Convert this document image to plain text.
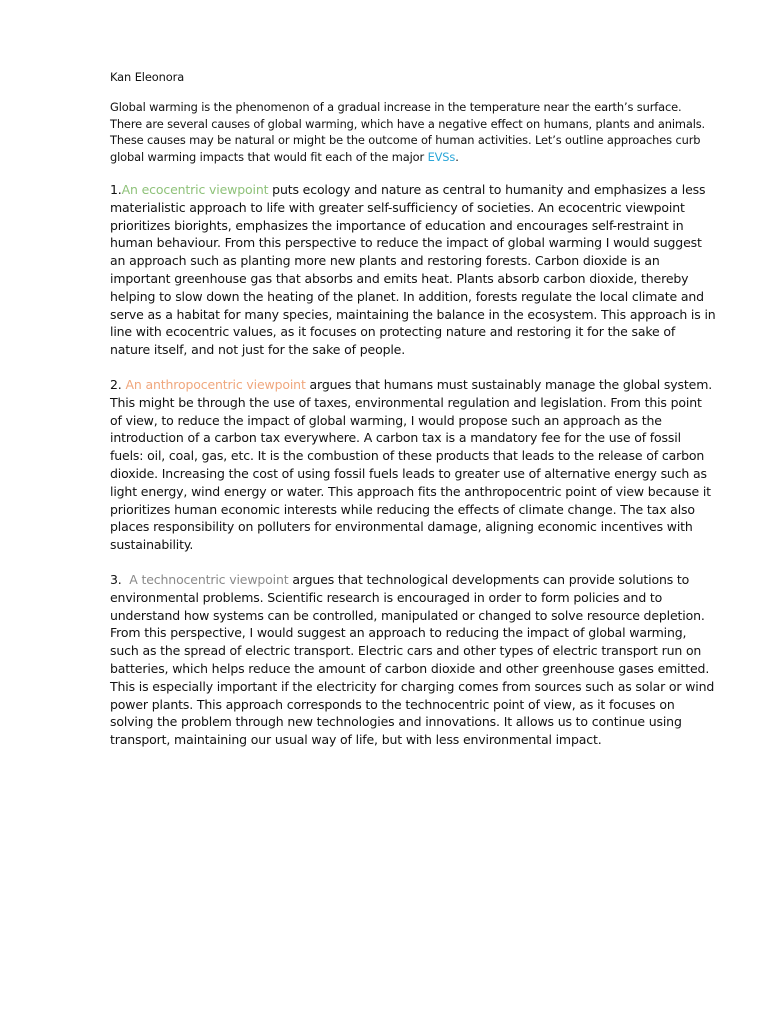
Kan Eleonora

Global warming is the phenomenon of a gradual increase in the temperature near the earth’s surface. There are several causes of global warming, which have a negative effect on humans, plants and animals. These causes may be natural or might be the outcome of human activities. Let’s outline approaches curb global warming impacts that would fit each of the major EVSs.

1.An ecocentric viewpoint puts ecology and nature as central to humanity and emphasizes a less materialistic approach to life with greater self-sufficiency of societies. An ecocentric viewpoint prioritizes biorights, emphasizes the importance of education and encourages self-restraint in human behaviour. From this perspective to reduce the impact of global warming I would suggest an approach such as planting more new plants and restoring forests. Carbon dioxide is an important greenhouse gas that absorbs and emits heat. Plants absorb carbon dioxide, thereby helping to slow down the heating of the planet. In addition, forests regulate the local climate and serve as a habitat for many species, maintaining the balance in the ecosystem. This approach is in line with ecocentric values, as it focuses on protecting nature and restoring it for the sake of nature itself, and not just for the sake of people.

2. An anthropocentric viewpoint argues that humans must sustainably manage the global system. This might be through the use of taxes, environmental regulation and legislation. From this point of view, to reduce the impact of global warming, I would propose such an approach as the introduction of a carbon tax everywhere. A carbon tax is a mandatory fee for the use of fossil fuels: oil, coal, gas, etc. It is the combustion of these products that leads to the release of carbon dioxide. Increasing the cost of using fossil fuels leads to greater use of alternative energy such as light energy, wind energy or water. This approach fits the anthropocentric point of view because it prioritizes human economic interests while reducing the effects of climate change. The tax also places responsibility on polluters for environmental damage, aligning economic incentives with sustainability.

3.  A technocentric viewpoint argues that technological developments can provide solutions to environmental problems. Scientific research is encouraged in order to form policies and to understand how systems can be controlled, manipulated or changed to solve resource depletion. From this perspective, I would suggest an approach to reducing the impact of global warming, such as the spread of electric transport. Electric cars and other types of electric transport run on batteries, which helps reduce the amount of carbon dioxide and other greenhouse gases emitted. This is especially important if the electricity for charging comes from sources such as solar or wind power plants. This approach corresponds to the technocentric point of view, as it focuses on solving the problem through new technologies and innovations. It allows us to continue using transport, maintaining our usual way of life, but with less environmental impact.
